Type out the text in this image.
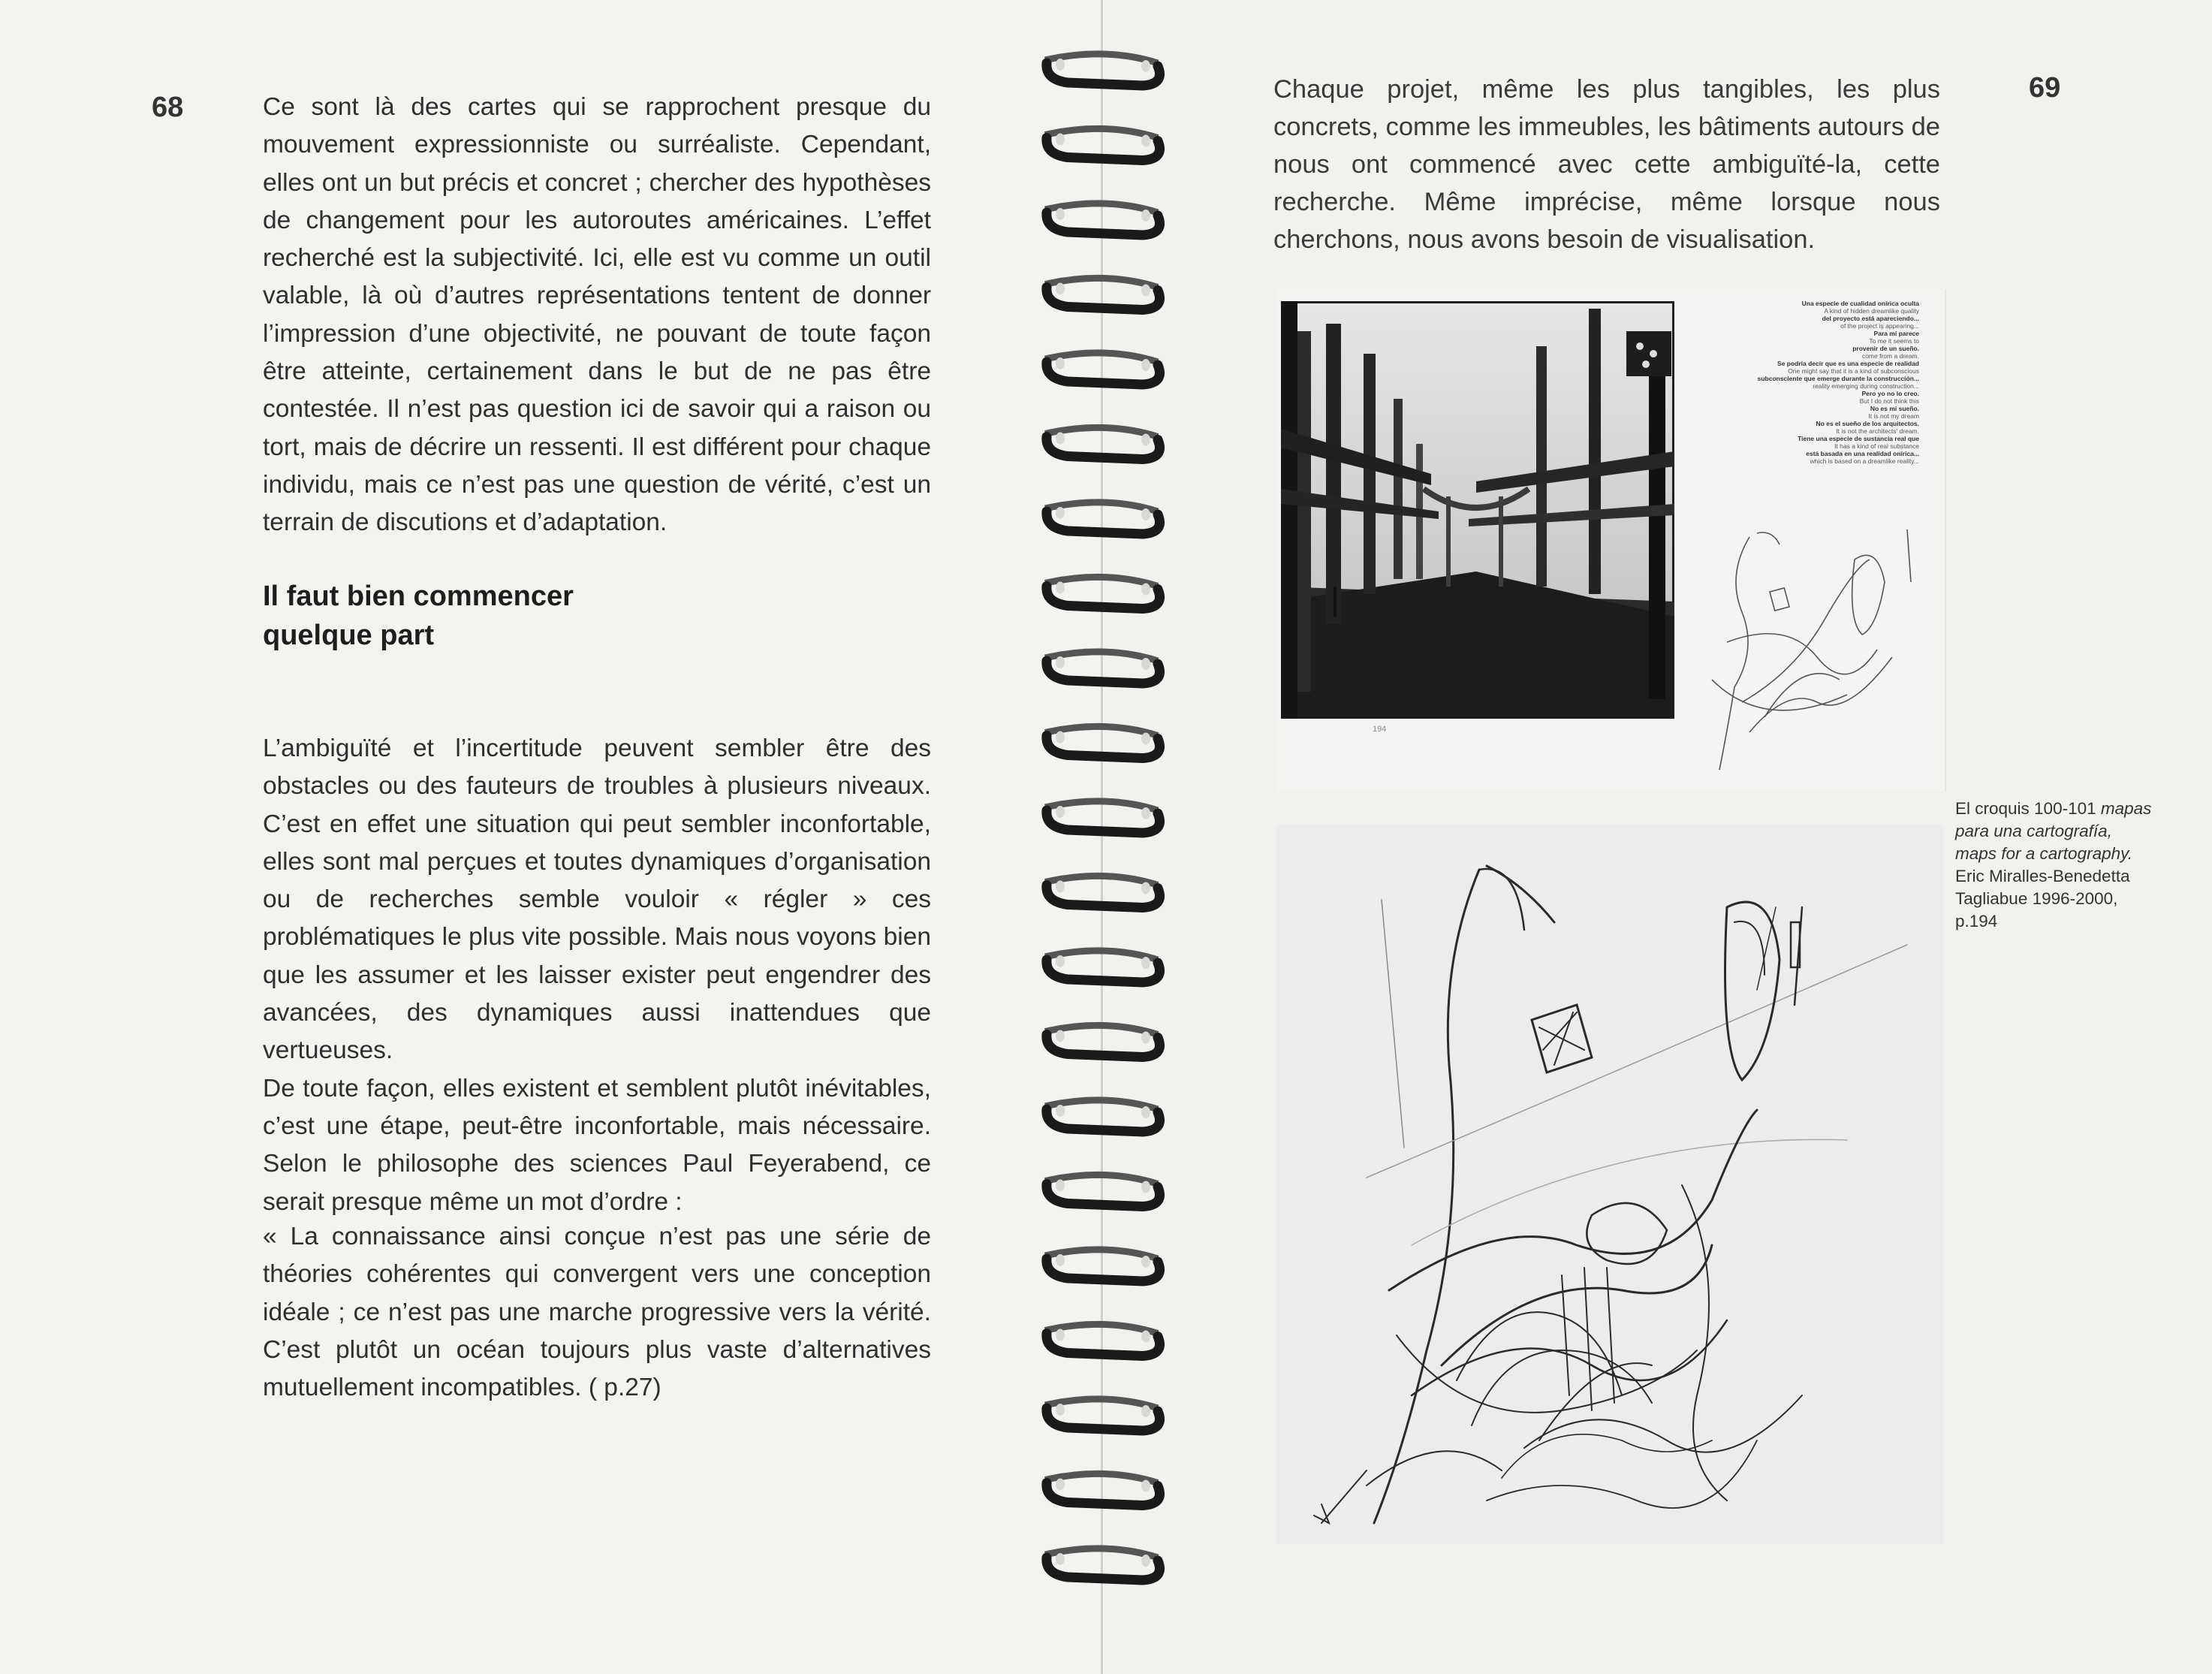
68	Ce sont là des cartes qui se rapprochent presque du mouvement expressionniste ou surréaliste. Cependant, elles ont un but précis et concret ; chercher des hypothèses de changement pour les autoroutes américaines. L’effet recherché est la subjectivité. Ici, elle est vu comme un outil valable, là où d’autres représentations tentent de donner l’impression d’une objectivité, ne pouvant de toute façon être atteinte, certainement dans le but de ne pas être contestée. Il n’est pas question ici de savoir qui a raison ou tort, mais de décrire un ressenti. Il est différent pour chaque individu, mais ce n’est pas une question de vérité, c’est un terrain de discutions et d’adaptation.

Il faut bien commencer
quelque part

L’ambiguïté et l’incertitude peuvent sembler être des obstacles ou des fauteurs de troubles à plusieurs niveaux. C’est en effet une situation qui peut sembler inconfortable, elles sont mal perçues et toutes dynamiques d’organisation ou de recherches semble vouloir « régler » ces problématiques le plus vite possible. Mais nous voyons bien que les assumer et les laisser exister peut engendrer des avancées, des dynamiques aussi inattendues que vertueuses.

De toute façon, elles existent et semblent plutôt inévitables, c’est une étape, peut-être inconfortable, mais nécessaire. Selon le philosophe des sciences Paul Feyerabend, ce serait presque même un mot d’ordre :

« La connaissance ainsi conçue n’est pas une série de théories cohérentes qui convergent vers une conception idéale ; ce n’est pas une marche progressive vers la vérité. C’est plutôt un océan toujours plus vaste d’alternatives mutuellement incompatibles. ( p.27)

69

Chaque projet, même les plus tangibles, les plus concrets, comme les immeubles, les bâtiments autours de nous ont commencé avec cette ambiguïté-la, cette recherche. Même imprécise, même lorsque nous cherchons, nous avons besoin de visualisation.

194
Una especie de cualidad onírica oculta
A kind of hidden dreamlike quality
del proyecto está apareciendo...
of the project is appearing...
Para mí parece
To me it seems to
provenir de un sueño.
come from a dream.
Se podría decir que es una especie de realidad
One might say that it is a kind of subconscious
subconsciente que emerge durante la construcción...
reality emerging during construction...
Pero yo no lo creo.
But I do not think this
No es mi sueño.
It is not my dream
No es el sueño de los arquitectos.
It is not the architects' dream.
Tiene una especie de sustancia real que
It has a kind of real substance
está basada en una realidad onírica...
which is based on a dreamlike reality...
El croquis 100-101 mapas
para una cartografía,
maps for a cartography.
Eric Miralles-Benedetta
Tagliabue 1996-2000,
p.194
